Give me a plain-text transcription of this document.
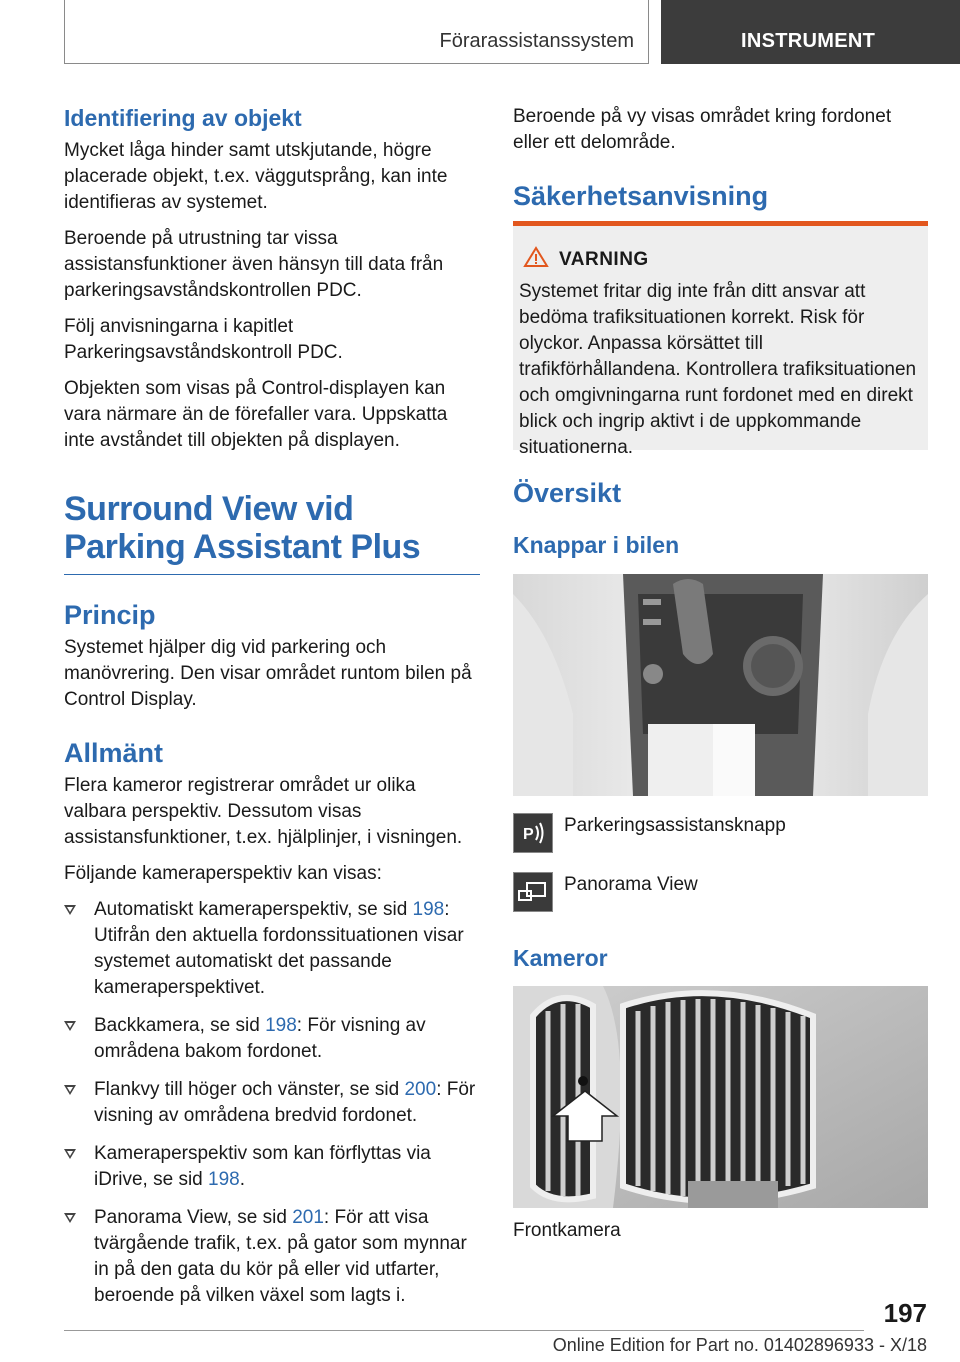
Förarassistanssystem	INSTRUMENT
Identifiering av objekt

Mycket låga hinder samt utskjutande, högre placerade objekt, t.ex. väggutsprång, kan inte identifieras av systemet.

Beroende på utrustning tar vissa assistansfunktioner även hänsyn till data från parkeringsavståndskontrollen PDC.

Följ anvisningarna i kapitlet Parkeringsavståndskontroll PDC.

Objekten som visas på Control-displayen kan vara närmare än de förefaller vara. Uppskatta inte avståndet till objekten på displayen.

Surround View vid Parking Assistant Plus
Princip

Systemet hjälper dig vid parkering och manövrering. Den visar området runtom bilen på Control Display.

Allmänt

Flera kameror registrerar området ur olika valbara perspektiv. Dessutom visas assistansfunktioner, t.ex. hjälplinjer, i visningen.

Följande kameraperspektiv kan visas:

Automatiskt kameraperspektiv, se sid 198: Utifrån den aktuella fordonssituationen visar systemet automatiskt det passande kameraperspektivet.
Backkamera, se sid 198: För visning av områdena bakom fordonet.
Flankvy till höger och vänster, se sid 200: För visning av områdena bredvid fordonet.
Kameraperspektiv som kan förflyttas via iDrive, se sid 198.
Panorama View, se sid 201: För att visa tvärgående trafik, t.ex. på gator som mynnar in på den gata du kör på eller vid utfarter, beroende på vilken växel som lagts i.

Beroende på vy visas området kring fordonet eller ett delområde.

Säkerhetsanvisning
VARNING
Systemet fritar dig inte från ditt ansvar att bedöma trafiksituationen korrekt. Risk för olyckor. Anpassa körsättet till trafikförhållandena. Kontrollera trafiksituationen och omgivningarna runt fordonet med en direkt blick och ingrip aktivt i de uppkommande situationerna.
Översikt
Knappar i bilen
P Parkeringsassistansknapp
Panorama View
Kameror
Frontkamera
197
Online Edition for Part no. 01402896933 - X/18
